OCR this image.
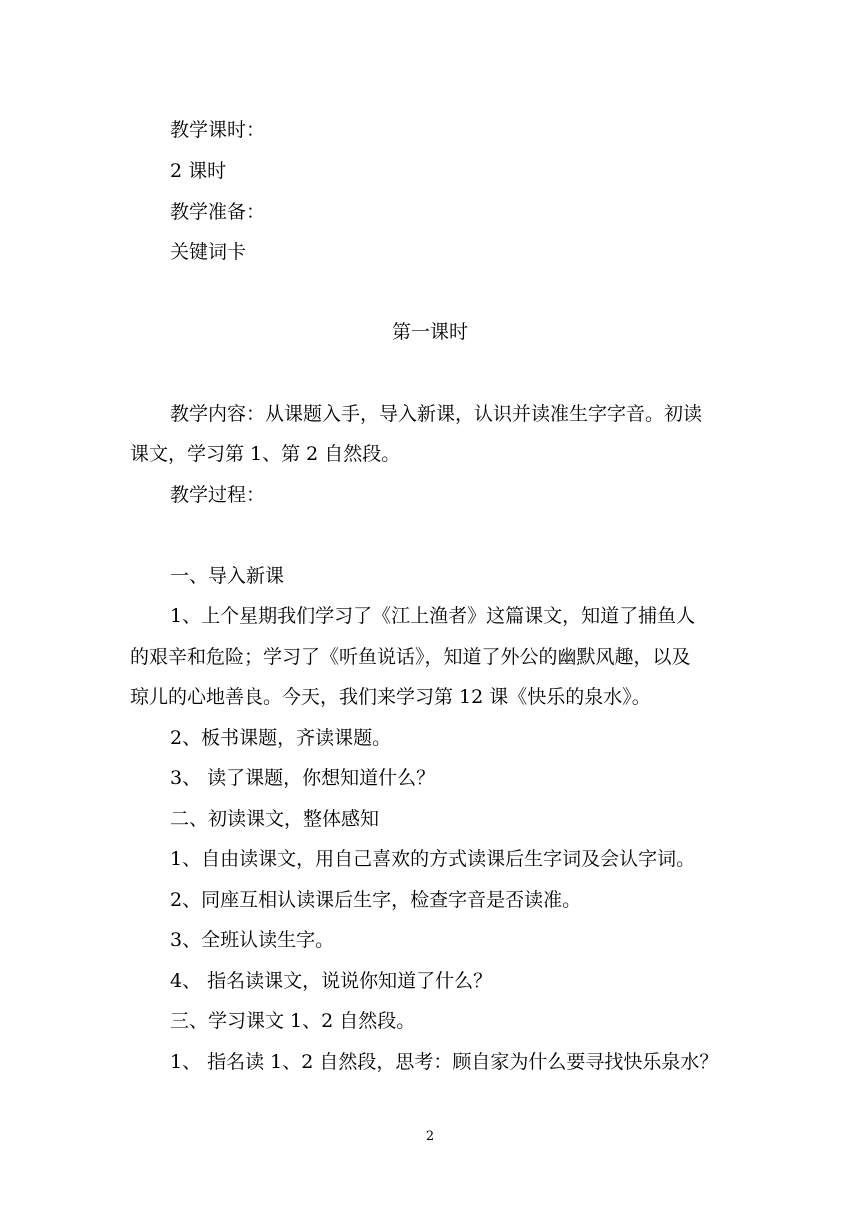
教学课时：
2 课时
教学准备：
关键词卡
第一课时
教学内容：从课题入手，导入新课，认识并读准生字字音。初读
课文，学习第 1、第 2 自然段。
教学过程：
一、导入新课
1、上个星期我们学习了《江上渔者》这篇课文，知道了捕鱼人
的艰辛和危险；学习了《听鱼说话》，知道了外公的幽默风趣，以及
琼儿的心地善良。今天，我们来学习第 12 课《快乐的泉水》。
2、板书课题，齐读课题。
3、 读了课题，你想知道什么？
二、初读课文，整体感知
1、自由读课文，用自己喜欢的方式读课后生字词及会认字词。
2、同座互相认读课后生字，检查字音是否读准。
3、全班认读生字。
4、 指名读课文，说说你知道了什么？
三、学习课文 1、2 自然段。
1、 指名读 1、2 自然段，思考：顾自家为什么要寻找快乐泉水？
2
